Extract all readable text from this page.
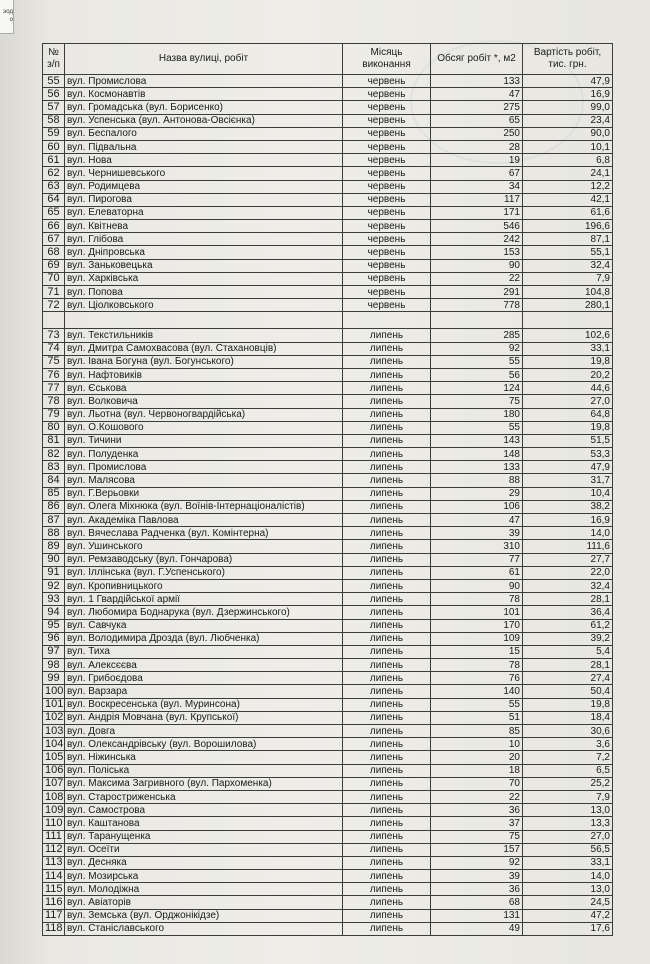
эод
о
№ з/п	Назва вулиці, робіт	Місяць виконання	Обсяг робіт *, м2	Вартість робіт, тис. грн.
55	вул. Промислова	червень	133	47,9
56	вул. Космонавтів	червень	47	16,9
57	вул. Громадська (вул. Борисенко)	червень	275	99,0
58	вул. Успенська (вул. Антонова-Овсієнка)	червень	65	23,4
59	вул. Беспалого	червень	250	90,0
60	вул. Підвальна	червень	28	10,1
61	вул. Нова	червень	19	6,8
62	вул. Чернишевського	червень	67	24,1
63	вул. Родимцева	червень	34	12,2
64	вул. Пирогова	червень	117	42,1
65	вул. Елеваторна	червень	171	61,6
66	вул. Квітнева	червень	546	196,6
67	вул. Глібова	червень	242	87,1
68	вул. Дніпровська	червень	153	55,1
69	вул. Заньковецька	червень	90	32,4
70	вул. Харківська	червень	22	7,9
71	вул. Попова	червень	291	104,8
72	вул. Ціолковського	червень	778	280,1

73	вул. Текстильників	липень	285	102,6
74	вул. Дмитра Самохвасова (вул. Стахановців)	липень	92	33,1
75	вул. Івана Богуна (вул. Богунського)	липень	55	19,8
76	вул. Нафтовиків	липень	56	20,2
77	вул. Єськова	липень	124	44,6
78	вул. Волковича	липень	75	27,0
79	вул. Льотна (вул. Червоногвардійська)	липень	180	64,8
80	вул. О.Кошового	липень	55	19,8
81	вул. Тичини	липень	143	51,5
82	вул. Полуденка	липень	148	53,3
83	вул. Промислова	липень	133	47,9
84	вул. Малясова	липень	88	31,7
85	вул. Г.Верьовки	липень	29	10,4
86	вул. Олега Міхнюка (вул. Воїнів-Інтернаціоналістів)	липень	106	38,2
87	вул. Академіка Павлова	липень	47	16,9
88	вул. Вячеслава Радченка (вул. Комінтерна)	липень	39	14,0
89	вул. Ушинського	липень	310	111,6
90	вул. Ремзаводську (вул. Гончарова)	липень	77	27,7
91	вул. Іллінська (вул. Г.Успенського)	липень	61	22,0
92	вул. Кропивницького	липень	90	32,4
93	вул. 1 Гвардійської армії	липень	78	28,1
94	вул. Любомира Боднарука (вул. Дзержинського)	липень	101	36,4
95	вул. Савчука	липень	170	61,2
96	вул. Володимира Дрозда (вул. Любченка)	липень	109	39,2
97	вул. Тиха	липень	15	5,4
98	вул. Алексєєва	липень	78	28,1
99	вул. Грибоєдова	липень	76	27,4
100	вул. Варзара	липень	140	50,4
101	вул. Воскресенська (вул. Муринсона)	липень	55	19,8
102	вул. Андрія Мовчана (вул. Крупської)	липень	51	18,4
103	вул. Довга	липень	85	30,6
104	вул. Олександрівську (вул. Ворошилова)	липень	10	3,6
105	вул. Ніжинська	липень	20	7,2
106	вул. Поліська	липень	18	6,5
107	вул. Максима Загривного (вул. Пархоменка)	липень	70	25,2
108	вул. Старостриженська	липень	22	7,9
109	вул. Самострова	липень	36	13,0
110	вул. Каштанова	липень	37	13,3
111	вул. Таранущенка	липень	75	27,0
112	вул. Осeїти	липень	157	56,5
113	вул. Десняка	липень	92	33,1
114	вул. Мозирська	липень	39	14,0
115	вул. Молодіжна	липень	36	13,0
116	вул. Авіаторів	липень	68	24,5
117	вул. Земська (вул. Орджонікідзе)	липень	131	47,2
118	вул. Станіславського	липень	49	17,6
